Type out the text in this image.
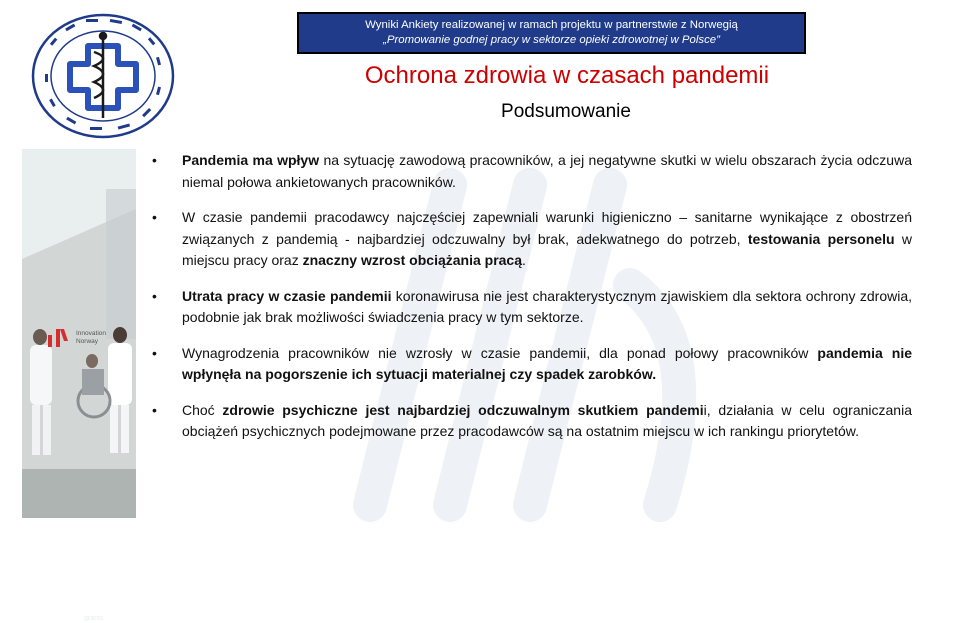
Wyniki Ankiety realizowanej w ramach projektu w partnerstwie z Norwegią
„Promowanie godnej pracy w sektorze opieki zdrowotnej w Polsce”
Ochrona zdrowia w czasach pandemii
Podsumowanie
Innovation
Norway
Norway
grants
• Pandemia ma wpływ na sytuację zawodową pracowników, a jej negatywne skutki w wielu obszarach życia odczuwa niemal połowa ankietowanych pracowników.
• W czasie pandemii pracodawcy najczęściej zapewniali warunki higieniczno – sanitarne wynikające z obostrzeń związanych z pandemią - najbardziej odczuwalny był brak, adekwatnego do potrzeb, testowania personelu w miejscu pracy oraz znaczny wzrost obciążania pracą.
• Utrata pracy w czasie pandemii koronawirusa nie jest charakterystycznym zjawiskiem dla sektora ochrony zdrowia, podobnie jak brak możliwości świadczenia pracy w tym sektorze.
• Wynagrodzenia pracowników nie wzrosły w czasie pandemii, dla ponad połowy pracowników pandemia nie wpłynęła na pogorszenie ich sytuacji materialnej czy spadek zarobków.
• Choć zdrowie psychiczne jest najbardziej odczuwalnym skutkiem pandemii, działania w celu ograniczania obciążeń psychicznych podejmowane przez pracodawców są na ostatnim miejscu w ich rankingu priorytetów.
